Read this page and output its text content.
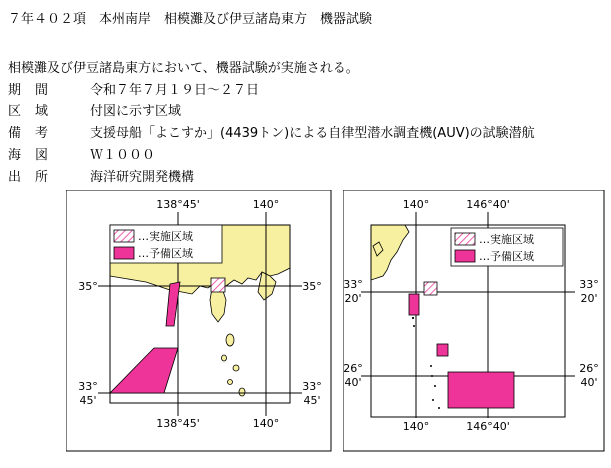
７年４０２項　本州南岸　相模灘及び伊豆諸島東方　機器試験
相模灘及び伊豆諸島東方において、機器試験が実施される。
期間 令和７年７月１９日～２７日
区域 付図に示す区域
備考 支援母船「よこすか」(4439トン)による自律型潜水調査機(AUV)の試験潜航
海図 Ｗ１０００
出所 海洋研究開発機構
…実施区域
…予備区域
138°45'	140°
138°45'	140°
35°
33°
45'
35°
33°
45'
…実施区域
…予備区域
140°	146°40'
140°	146°40'
33°
20'
26°
40'
33°
20'
26°
40'
